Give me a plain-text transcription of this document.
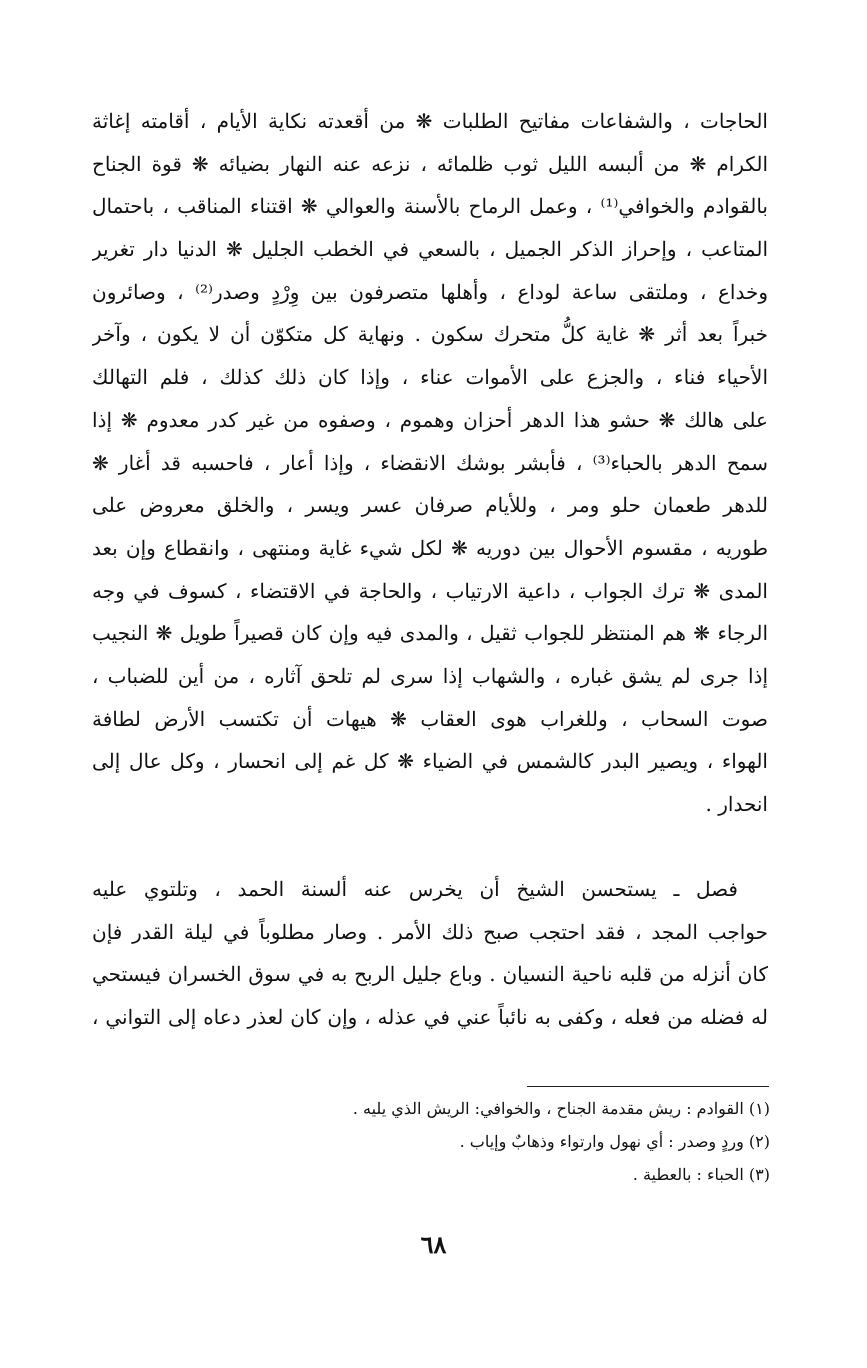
الحاجات ، والشفاعات مفاتيح الطلبات ❋ من أقعدته نكاية الأيام ، أقامته إغاثة
الكرام ❋ من ألبسه الليل ثوب ظلمائه ، نزعه عنه النهار بضيائه ❋ قوة الجناح
بالقوادم والخوافي⁽¹⁾ ، وعمل الرماح بالأسنة والعوالي ❋ اقتناء المناقب ، باحتمال
المتاعب ، وإحراز الذكر الجميل ، بالسعي في الخطب الجليل ❋ الدنيا دار تغرير
وخداع ، وملتقى ساعة لوداع ، وأهلها متصرفون بين وِرْدٍ وصدر⁽²⁾ ، وصائرون
خبراً بعد أثر ❋ غاية كلُّ متحرك سكون . ونهاية كل متكوّن أن لا يكون ، وآخر
الأحياء فناء ، والجزع على الأموات عناء ، وإذا كان ذلك كذلك ، فلم التهالك
على هالك ❋ حشو هذا الدهر أحزان وهموم ، وصفوه من غير كدر معدوم ❋ إذا
سمح الدهر بالحباء⁽³⁾ ، فأبشر بوشك الانقضاء ، وإذا أعار ، فاحسبه قد أغار ❋
للدهر طعمان حلو ومر ، وللأيام صرفان عسر ويسر ، والخلق معروض على
طوريه ، مقسوم الأحوال بين دوريه ❋ لكل شيء غاية ومنتهى ، وانقطاع وإن بعد
المدى ❋ ترك الجواب ، داعية الارتياب ، والحاجة في الاقتضاء ، كسوف في وجه
الرجاء ❋ هم المنتظر للجواب ثقيل ، والمدى فيه وإن كان قصيراً طويل ❋ النجيب
إذا جرى لم يشق غباره ، والشهاب إذا سرى لم تلحق آثاره ، من أين للضباب ،
صوت السحاب ، وللغراب هوى العقاب ❋ هيهات أن تكتسب الأرض لطافة
الهواء ، ويصير البدر كالشمس في الضياء ❋ كل غم إلى انحسار ، وكل عال إلى
انحدار .
فصل ـ يستحسن الشيخ أن يخرس عنه ألسنة الحمد ، وتلتوي عليه
حواجب المجد ، فقد احتجب صبح ذلك الأمر . وصار مطلوباً في ليلة القدر فإن
كان أنزله من قلبه ناحية النسيان . وباع جليل الربح به في سوق الخسران فيستحي
له فضله من فعله ، وكفى به نائباً عني في عذله ، وإن كان لعذر دعاه إلى التواني ،
(١) القوادم : ريش مقدمة الجناح ، والخوافي: الريش الذي يليه .
(٢) وردٍ وصدر : أي نهول وارتواء وذهابٌ وإياب .
(٣) الحباء : بالعطية .
٦٨
